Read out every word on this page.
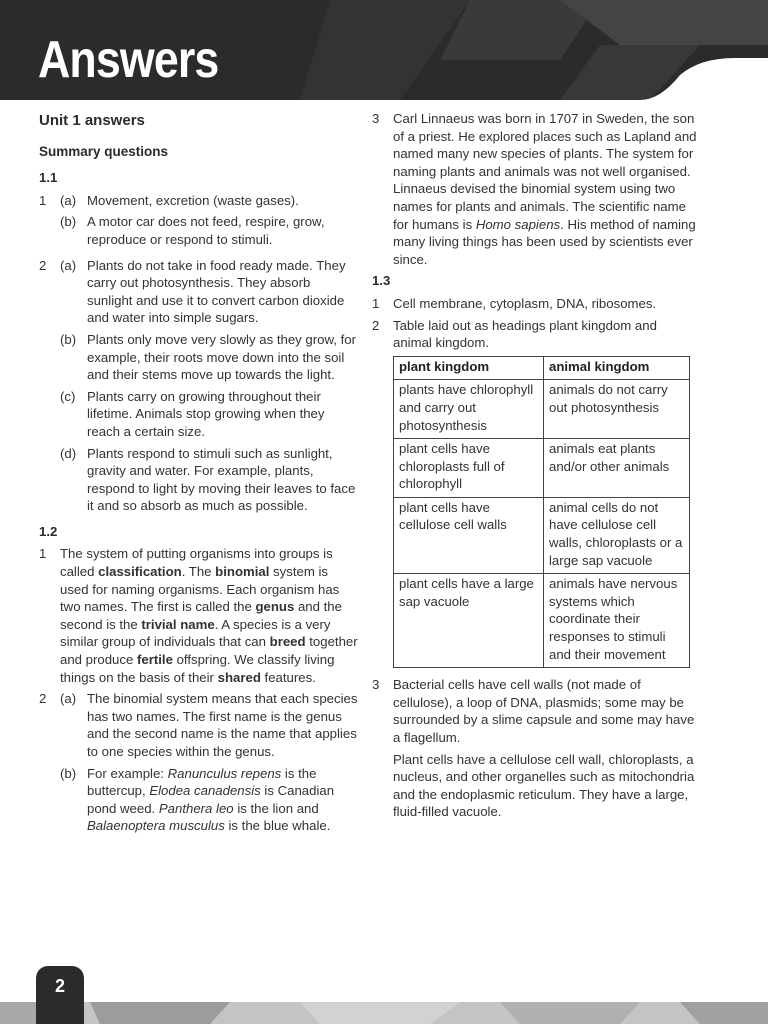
Answers
Unit 1 answers
Summary questions
1.1
1	(a) Movement, excretion (waste gases).
(b) A motor car does not feed, respire, grow, reproduce or respond to stimuli.
2	(a) Plants do not take in food ready made. They carry out photosynthesis. They absorb sunlight and use it to convert carbon dioxide and water into simple sugars.
(b) Plants only move very slowly as they grow, for example, their roots move down into the soil and their stems move up towards the light.
(c) Plants carry on growing throughout their lifetime. Animals stop growing when they reach a certain size.
(d) Plants respond to stimuli such as sunlight, gravity and water. For example, plants, respond to light by moving their leaves to face it and so absorb as much as possible.
1.2
1	The system of putting organisms into groups is called classification. The binomial system is used for naming organisms. Each organism has two names. The first is called the genus and the second is the trivial name. A species is a very similar group of individuals that can breed together and produce fertile offspring. We classify living things on the basis of their shared features.
2	(a) The binomial system means that each species has two names. The first name is the genus and the second name is the name that applies to one species within the genus.
(b) For example: Ranunculus repens is the buttercup, Elodea canadensis is Canadian pond weed. Panthera leo is the lion and Balaenoptera musculus is the blue whale.
3	Carl Linnaeus was born in 1707 in Sweden, the son of a priest. He explored places such as Lapland and named many new species of plants. The system for naming plants and animals was not well organised. Linnaeus devised the binomial system using two names for plants and animals. The scientific name for humans is Homo sapiens. His method of naming many living things has been used by scientists ever since.
1.3
1	Cell membrane, cytoplasm, DNA, ribosomes.
2	Table laid out as headings plant kingdom and animal kingdom.
plant kingdom	animal kingdom
plants have chlorophyll and carry out photosynthesis	animals do not carry out photosynthesis
plant cells have chloroplasts full of chlorophyll	animals eat plants and/or other animals
plant cells have cellulose cell walls	animal cells do not have cellulose cell walls, chloroplasts or a large sap vacuole
plant cells have a large sap vacuole	animals have nervous systems which coordinate their responses to stimuli and their movement
3	Bacterial cells have cell walls (not made of cellulose), a loop of DNA, plasmids; some may be surrounded by a slime capsule and some may have a flagellum.
Plant cells have a cellulose cell wall, chloroplasts, a nucleus, and other organelles such as mitochondria and the endoplasmic reticulum. They have a large, fluid-filled vacuole.
2
